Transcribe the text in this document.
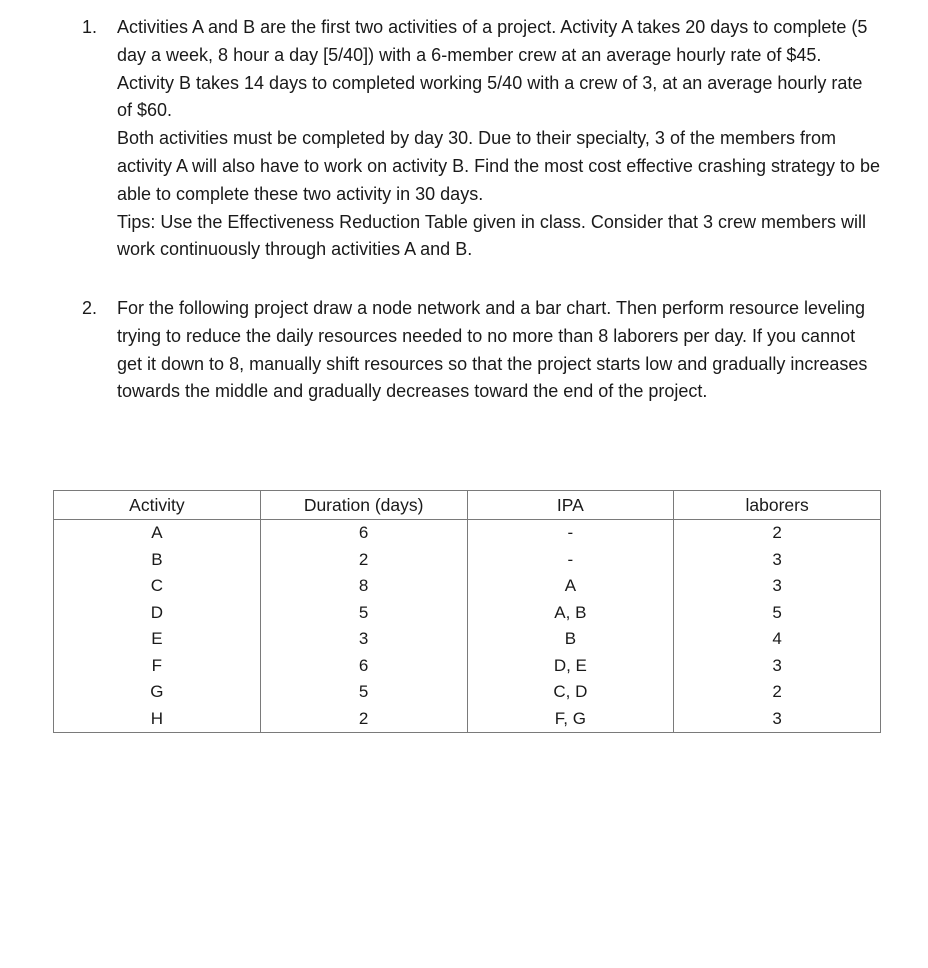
1. Activities A and B are the first two activities of a project. Activity A takes 20 days to complete (5 day a week, 8 hour a day [5/40]) with a 6-member crew at an average hourly rate of $45. Activity B takes 14 days to completed working 5/40 with a crew of 3, at an average hourly rate of $60.
Both activities must be completed by day 30. Due to their specialty, 3 of the members from activity A will also have to work on activity B. Find the most cost effective crashing strategy to be able to complete these two activity in 30 days.
Tips: Use the Effectiveness Reduction Table given in class. Consider that 3 crew members will work continuously through activities A and B.
2. For the following project draw a node network and a bar chart. Then perform resource leveling trying to reduce the daily resources needed to no more than 8 laborers per day. If you cannot get it down to 8, manually shift resources so that the project starts low and gradually increases towards the middle and gradually decreases toward the end of the project.
Activity	Duration (days)	IPA	laborers
A	6	-	2
B	2	-	3
C	8	A	3
D	5	A, B	5
E	3	B	4
F	6	D, E	3
G	5	C, D	2
H	2	F, G	3
